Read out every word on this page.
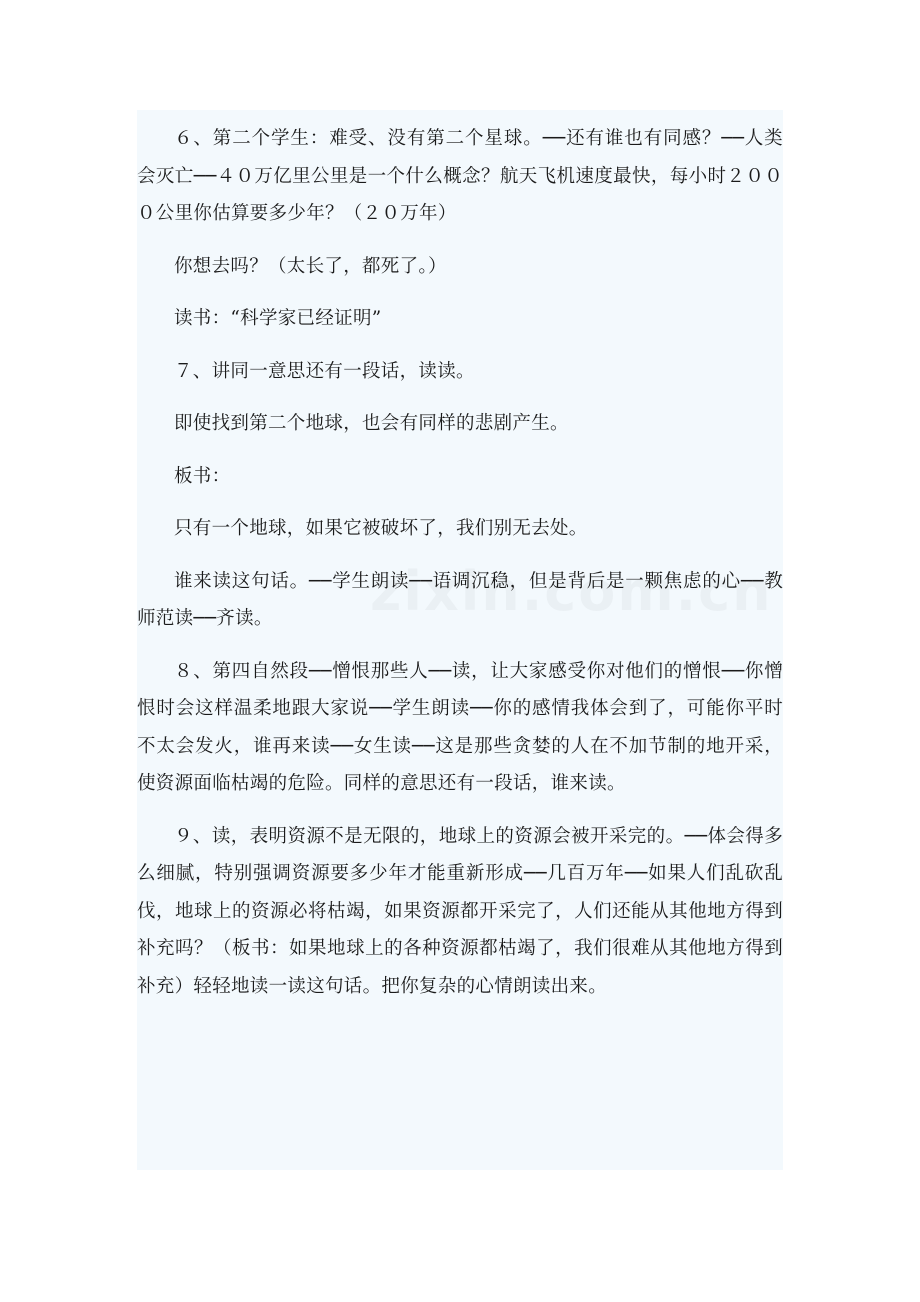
６、第二个学生：难受、没有第二个星球。──还有谁也有同感？──人类会灭亡──４０万亿里公里是一个什么概念？航天飞机速度最快，每小时２０００公里你估算要多少年？（２０万年）

你想去吗？（太长了，都死了。）

读书：“科学家已经证明”

７、讲同一意思还有一段话，读读。

即使找到第二个地球，也会有同样的悲剧产生。

板书：

只有一个地球，如果它被破坏了，我们别无去处。

谁来读这句话。──学生朗读──语调沉稳，但是背后是一颗焦虑的心──教师范读──齐读。

８、第四自然段──憎恨那些人──读，让大家感受你对他们的憎恨──你憎恨时会这样温柔地跟大家说──学生朗读──你的感情我体会到了，可能你平时不太会发火，谁再来读──女生读──这是那些贪婪的人在不加节制的地开采，使资源面临枯竭的危险。同样的意思还有一段话，谁来读。

９、读，表明资源不是无限的，地球上的资源会被开采完的。──体会得多么细腻，特别强调资源要多少年才能重新形成──几百万年──如果人们乱砍乱伐，地球上的资源必将枯竭，如果资源都开采完了，人们还能从其他地方得到补充吗？（板书：如果地球上的各种资源都枯竭了，我们很难从其他地方得到补充）轻轻地读一读这句话。把你复杂的心情朗读出来。
